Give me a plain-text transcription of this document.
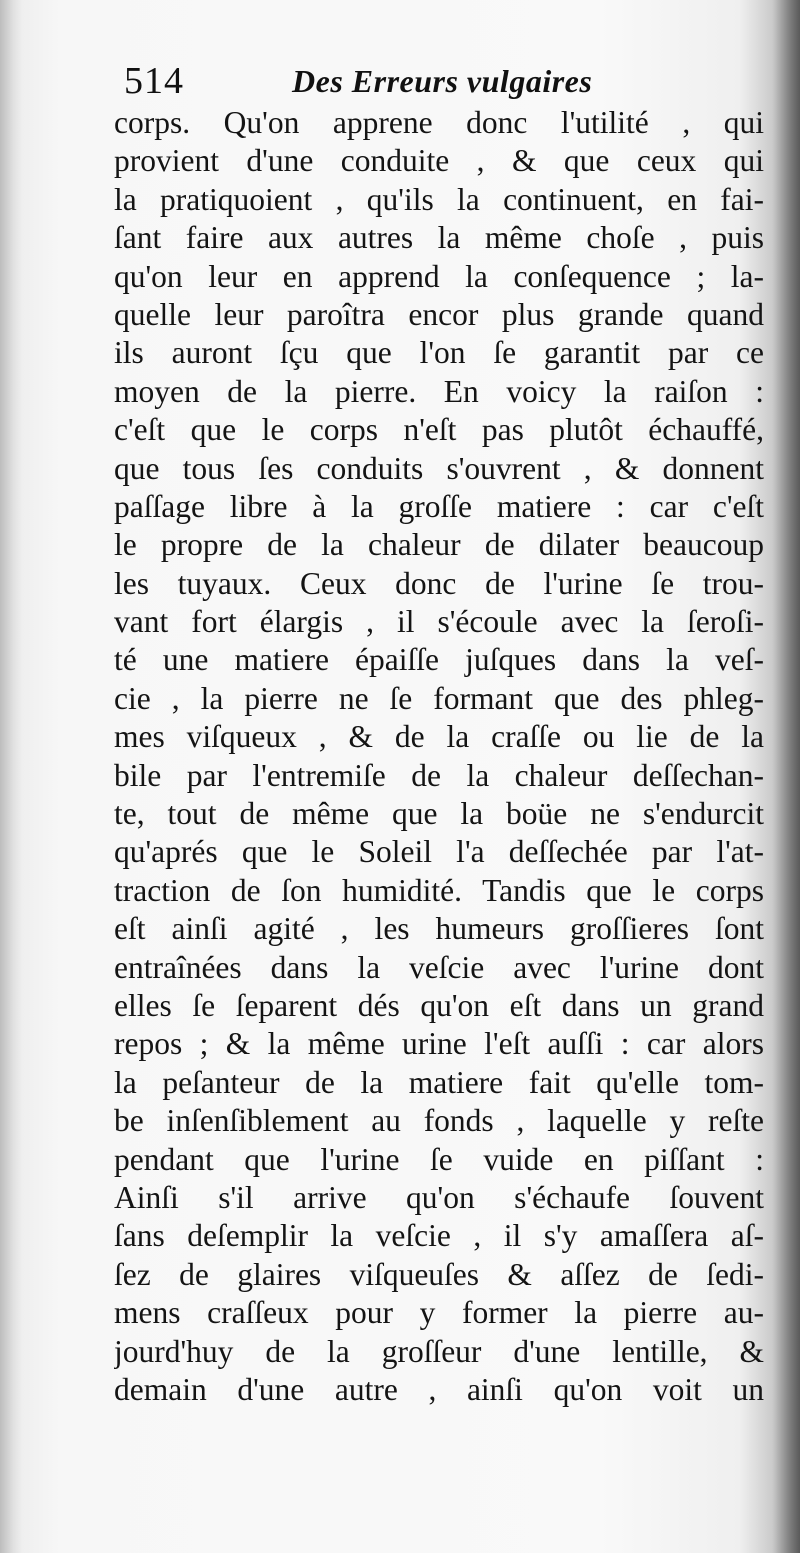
514	Des Erreurs vulgaires
corps. Qu'on apprene donc l'utilité , qui
provient d'une conduite , & que ceux qui
la pratiquoient , qu'ils la continuent, en fai-
ſant faire aux autres la même choſe , puis
qu'on leur en apprend la conſequence ; la-
quelle leur paroîtra encor plus grande quand
ils auront ſçu que l'on ſe garantit par ce
moyen de la pierre. En voicy la raiſon :
c'eſt que le corps n'eſt pas plutôt échauffé,
que tous ſes conduits s'ouvrent , & donnent
paſſage libre à la groſſe matiere : car c'eſt
le propre de la chaleur de dilater beaucoup
les tuyaux. Ceux donc de l'urine ſe trou-
vant fort élargis , il s'écoule avec la ſeroſi-
té une matiere épaiſſe juſques dans la veſ-
cie , la pierre ne ſe formant que des phleg-
mes viſqueux , & de la craſſe ou lie de la
bile par l'entremiſe de la chaleur deſſechan-
te, tout de même que la boüe ne s'endurcit
qu'aprés que le Soleil l'a deſſechée par l'at-
traction de ſon humidité. Tandis que le corps
eſt ainſi agité , les humeurs groſſieres ſont
entraînées dans la veſcie avec l'urine dont
elles ſe ſeparent dés qu'on eſt dans un grand
repos ; & la même urine l'eſt auſſi : car alors
la peſanteur de la matiere fait qu'elle tom-
be inſenſiblement au fonds , laquelle y reſte
pendant que l'urine ſe vuide en piſſant :
Ainſi s'il arrive qu'on s'échaufe ſouvent
ſans deſemplir la veſcie , il s'y amaſſera aſ-
ſez de glaires viſqueuſes & aſſez de ſedi-
mens craſſeux pour y former la pierre au-
jourd'huy de la groſſeur d'une lentille, &
demain d'une autre , ainſi qu'on voit un
